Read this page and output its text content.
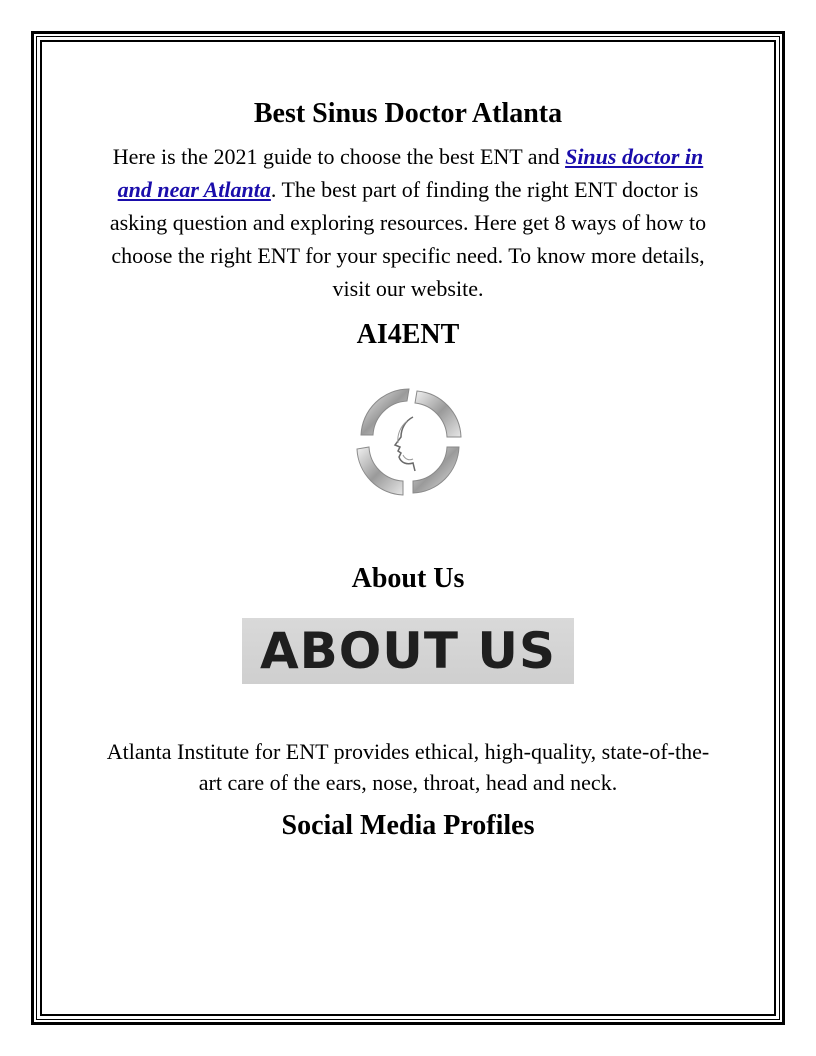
Best Sinus Doctor Atlanta

Here is the 2021 guide to choose the best ENT and Sinus doctor in and near Atlanta. The best part of finding the right ENT doctor is asking question and exploring resources. Here get 8 ways of how to choose the right ENT for your specific need. To know more details, visit our website.

AI4ENT
About Us
ABOUT US

Atlanta Institute for ENT provides ethical, high-quality, state-of-the-art care of the ears, nose, throat, head and neck.

Social Media Profiles
